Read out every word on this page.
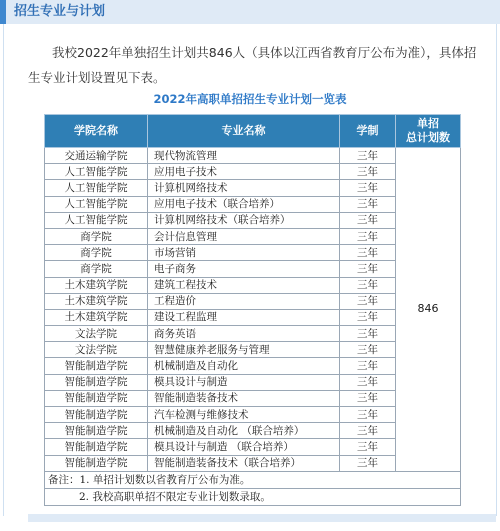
招生专业与计划

我校2022年单独招生计划共846人（具体以江西省教育厅公布为准），具体招

生专业计划设置见下表。

2022年高职单招招生专业计划一览表
学院名称	专业名称	学制	单招
总计划数

交通运输学院	现代物流管理	三年	846
人工智能学院	应用电子技术	三年	
人工智能学院	计算机网络技术	三年	
人工智能学院	应用电子技术（联合培养）	三年	
人工智能学院	计算机网络技术（联合培养）	三年	
商学院	会计信息管理	三年	
商学院	市场营销	三年	
商学院	电子商务	三年	
土木建筑学院	建筑工程技术	三年	
土木建筑学院	工程造价	三年	
土木建筑学院	建设工程监理	三年	
文法学院	商务英语	三年	
文法学院	智慧健康养老服务与管理	三年	
智能制造学院	机械制造及自动化	三年	
智能制造学院	模具设计与制造	三年	
智能制造学院	智能制造装备技术	三年	
智能制造学院	汽车检测与维修技术	三年	
智能制造学院	机械制造及自动化 （联合培养）	三年	
智能制造学院	模具设计与制造 （联合培养）	三年	
智能制造学院	智能制造装备技术（联合培养）	三年	
备注：1. 单招计划数以省教育厅公布为准。			
2. 我校高职单招不限定专业计划数录取。			
